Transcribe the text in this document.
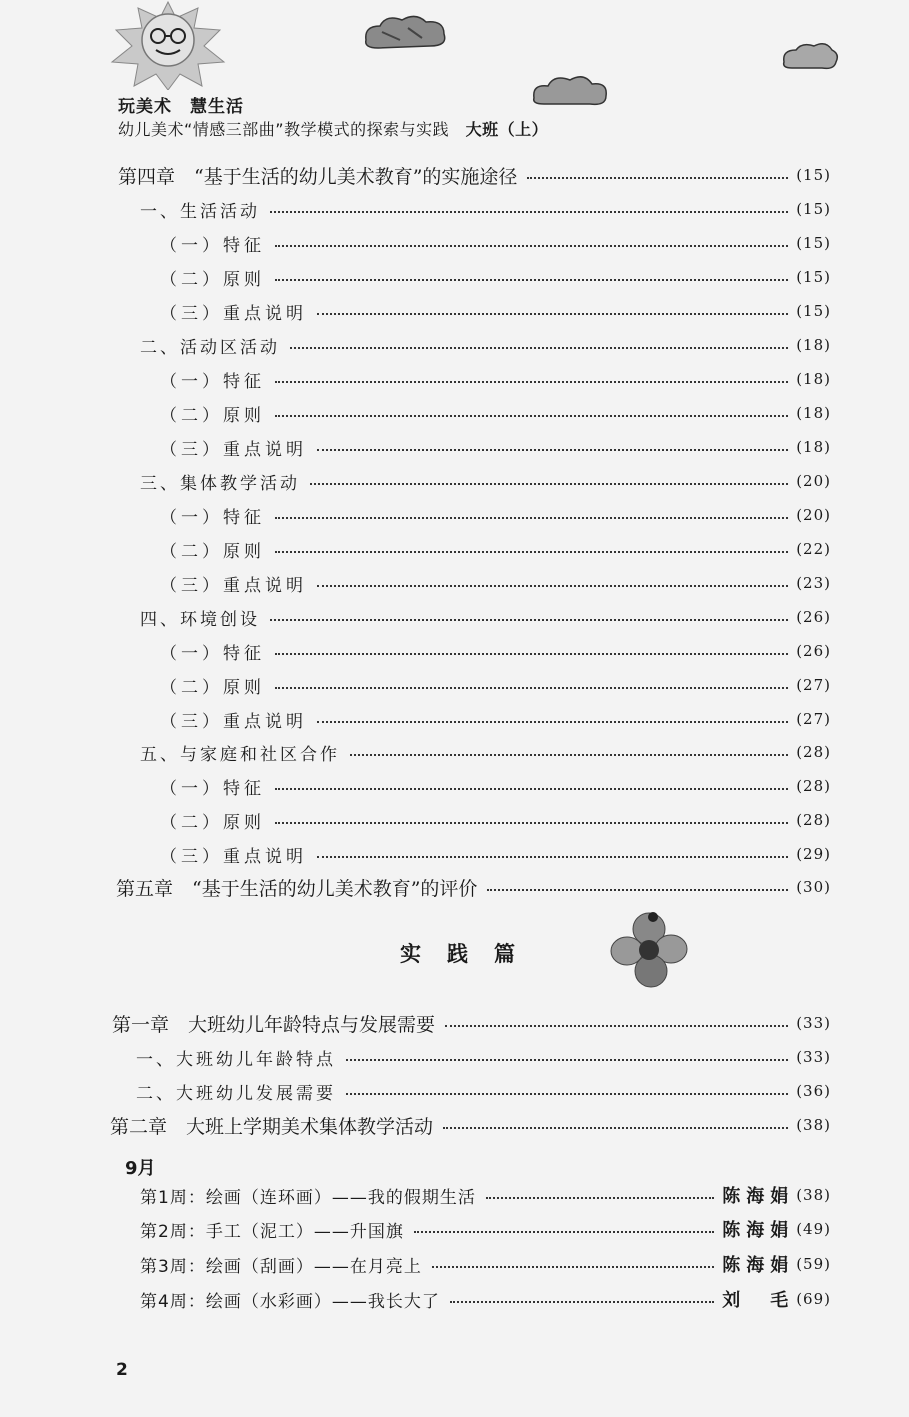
玩美术　慧生活
幼儿美术“情感三部曲”教学模式的探索与实践　 大班（上）
第四章　“基于生活的幼儿美术教育”的实施途径	(15)
一、生活活动	(15)
（一）特征	(15)
（二）原则	(15)
（三）重点说明	(15)
二、活动区活动	(18)
（一）特征	(18)
（二）原则	(18)
（三）重点说明	(18)
三、集体教学活动	(20)
（一）特征	(20)
（二）原则	(22)
（三）重点说明	(23)
四、环境创设	(26)
（一）特征	(26)
（二）原则	(27)
（三）重点说明	(27)
五、与家庭和社区合作	(28)
（一）特征	(28)
（二）原则	(28)
（三）重点说明	(29)
第五章　“基于生活的幼儿美术教育”的评价	(30)
实践篇
第一章　大班幼儿年龄特点与发展需要	(33)
一、大班幼儿年龄特点	(33)
二、大班幼儿发展需要	(36)
第二章　大班上学期美术集体教学活动	(38)
9月
第1周：绘画（连环画）——我的假期生活	陈海娟 (38)
第2周：手工（泥工）——升国旗	陈海娟 (49)
第3周：绘画（刮画）——在月亮上	陈海娟 (59)
第4周：绘画（水彩画）——我长大了	刘　毛 (69)
2
